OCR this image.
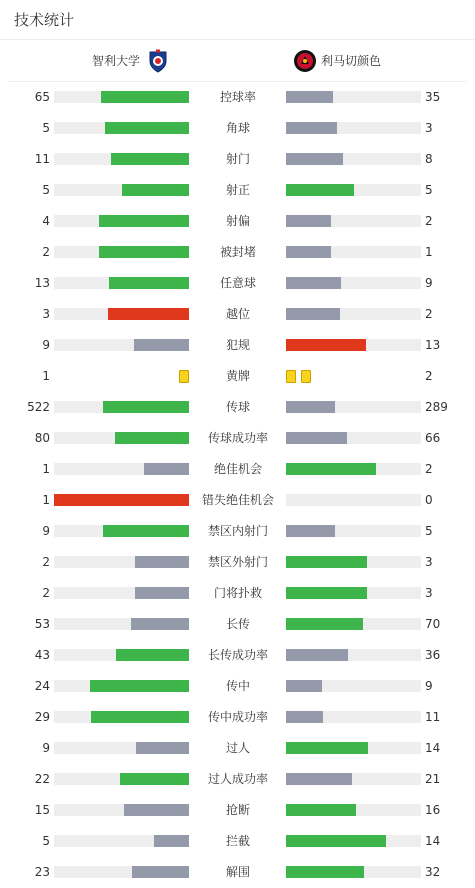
技术统计
智利大学	利马切颜色
65	控球率	35
5	角球	3
11	射门	8
5	射正	5
4	射偏	2
2	被封堵	1
13	任意球	9
3	越位	2
9	犯规	13
1	黄牌	2
522	传球	289
80	传球成功率	66
1	绝佳机会	2
1	错失绝佳机会	0
9	禁区内射门	5
2	禁区外射门	3
2	门将扑救	3
53	长传	70
43	长传成功率	36
24	传中	9
29	传中成功率	11
9	过人	14
22	过人成功率	21
15	抢断	16
5	拦截	14
23	解围	32
